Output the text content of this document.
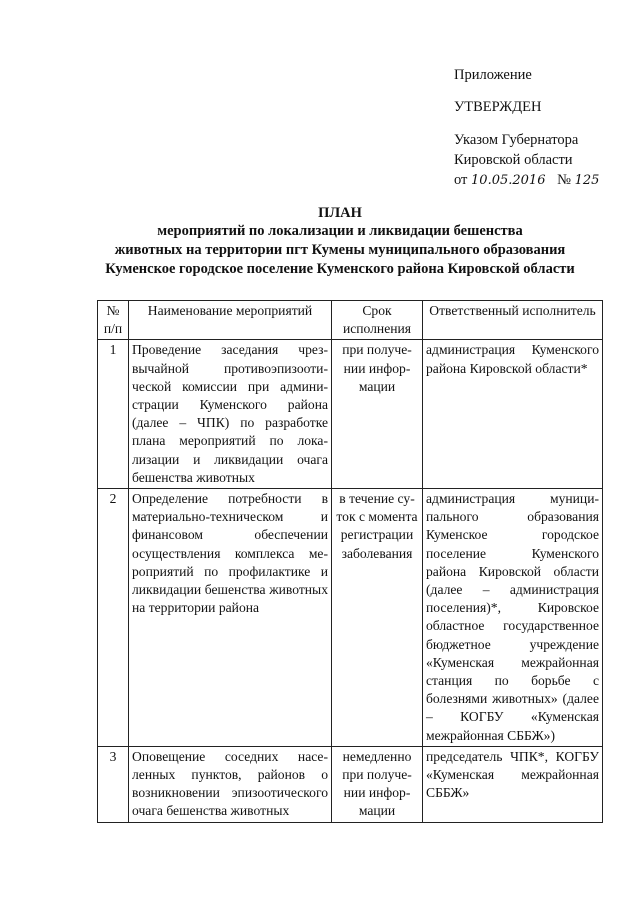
Приложение
УТВЕРЖДЕН
Указом Губернатора
Кировской области
от 10.05.2016 № 125
ПЛАН
мероприятий по локализации и ликвидации бешенства
животных на территории пгт Кумены муниципального образования
Куменское городское поселение Куменского района Кировской области
№ п/п	Наименование мероприятий	Срок исполнения	Ответственный исполнитель
1	Проведение заседания чрезвычайной противоэпизоотической комиссии при администрации Куменского района (далее – ЧПК) по разработке плана мероприятий по локализации и ликвидации очага бешенства животных	при получении информации	администрация Куменского района Кировской области*
2	Определение потребности в материально-техническом и финансовом обеспечении осуществления комплекса мероприятий по профилактике и ликвидации бешенства животных на территории района	в течение суток с момента регистрации заболевания	администрация муниципального образования Куменское городское поселение Куменского района Кировской области (далее – администрация поселения)*, Кировское областное государственное бюджетное учреждение «Куменская межрайонная станция по борьбе с болезнями животных» (далее – КОГБУ «Куменская межрайонная СББЖ»)
3	Оповещение соседних населенных пунктов, районов о возникновении эпизоотического очага бешенства животных	немедленно при получении информации	председатель ЧПК*, КОГБУ «Куменская межрайонная СББЖ»
